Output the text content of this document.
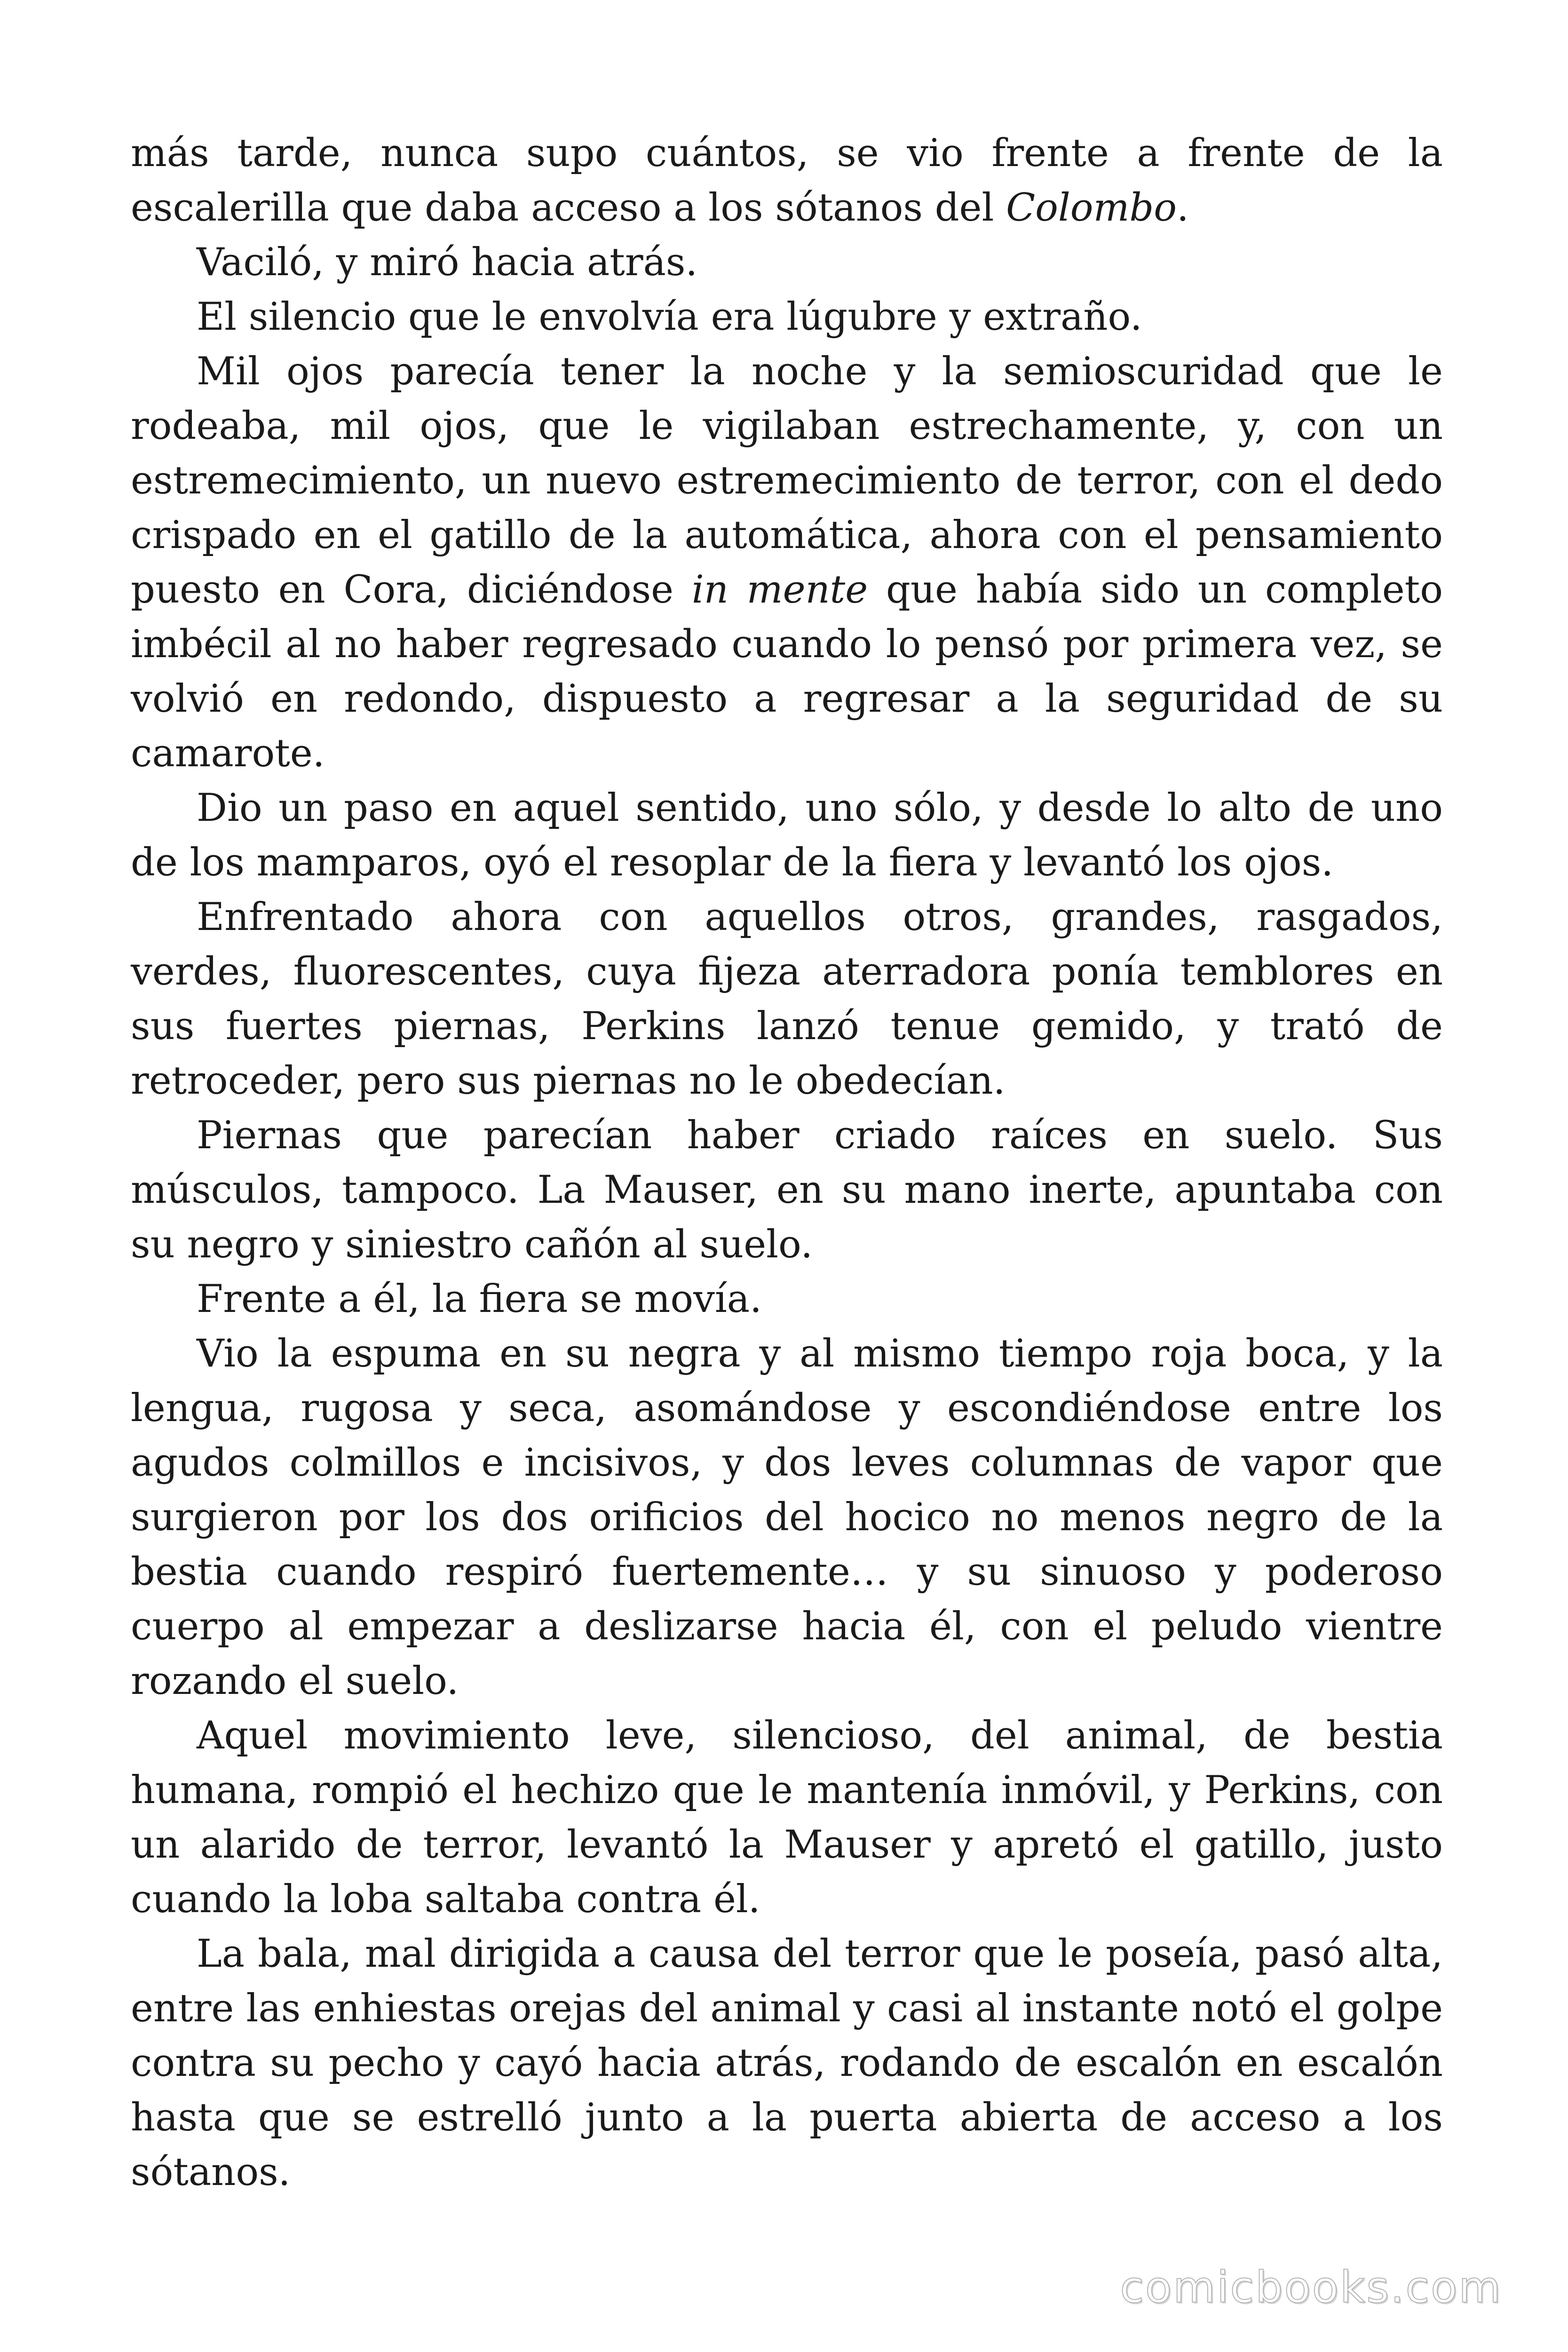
más tarde, nunca supo cuántos, se vio frente a frente de la escalerilla que daba acceso a los sótanos del Colombo.

Vaciló, y miró hacia atrás.

El silencio que le envolvía era lúgubre y extraño.

Mil ojos parecía tener la noche y la semioscuridad que le rodeaba, mil ojos, que le vigilaban estrechamente, y, con un estremecimiento, un nuevo estremecimiento de terror, con el dedo crispado en el gatillo de la automática, ahora con el pensamiento puesto en Cora, diciéndose in mente que había sido un completo imbécil al no haber regresado cuando lo pensó por primera vez, se volvió en redondo, dispuesto a regresar a la seguridad de su camarote.

Dio un paso en aquel sentido, uno sólo, y desde lo alto de uno de los mamparos, oyó el resoplar de la fiera y levantó los ojos.

Enfrentado ahora con aquellos otros, grandes, rasgados, verdes, fluorescentes, cuya fijeza aterradora ponía temblores en sus fuertes piernas, Perkins lanzó tenue gemido, y trató de retroceder, pero sus piernas no le obedecían.

Piernas que parecían haber criado raíces en suelo. Sus músculos, tampoco. La Mauser, en su mano inerte, apuntaba con su negro y siniestro cañón al suelo.

Frente a él, la fiera se movía.

Vio la espuma en su negra y al mismo tiempo roja boca, y la lengua, rugosa y seca, asomándose y escondiéndose entre los agudos colmillos e incisivos, y dos leves columnas de vapor que surgieron por los dos orificios del hocico no menos negro de la bestia cuando respiró fuertemente… y su sinuoso y poderoso cuerpo al empezar a deslizarse hacia él, con el peludo vientre rozando el suelo.

Aquel movimiento leve, silencioso, del animal, de bestia humana, rompió el hechizo que le mantenía inmóvil, y Perkins, con un alarido de terror, levantó la Mauser y apretó el gatillo, justo cuando la loba saltaba contra él.

La bala, mal dirigida a causa del terror que le poseía, pasó alta, entre las enhiestas orejas del animal y casi al instante notó el golpe contra su pecho y cayó hacia atrás, rodando de escalón en escalón hasta que se estrelló junto a la puerta abierta de acceso a los sótanos.

comicbooks.com
